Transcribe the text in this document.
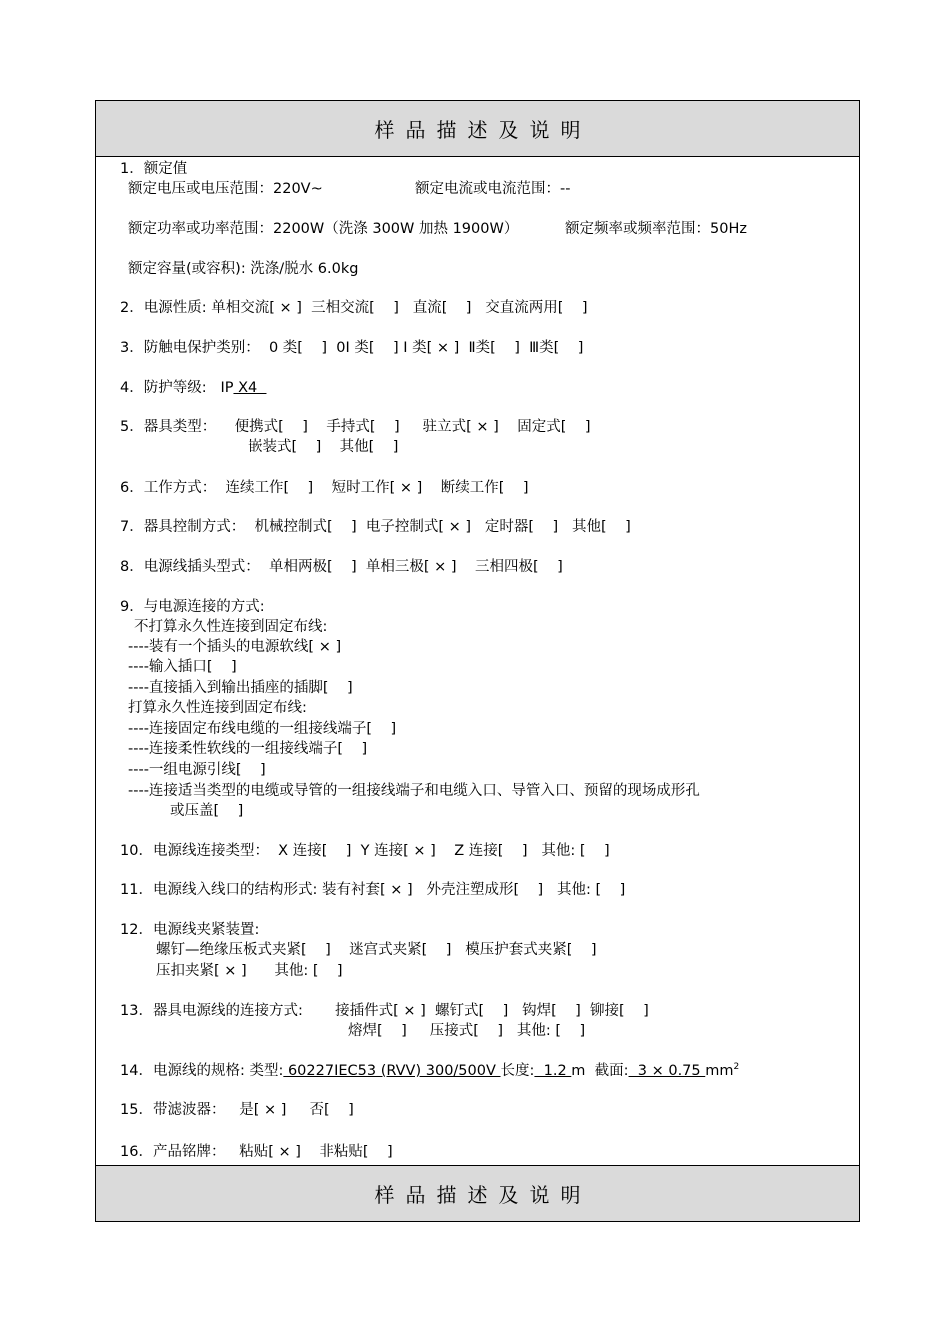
样品描述及说明
样品描述及说明
1．额定值
额定电压或电压范围：220V~	额定电流或电流范围：--
额定功率或功率范围：2200W（洗涤 300W 加热 1900W）	额定频率或频率范围：50Hz
额定容量(或容积): 洗涤/脱水 6.0kg
2．电源性质: 单相交流[ × ]  三相交流[    ]   直流[    ]   交直流两用[    ]
3．防触电保护类别：  0 类[    ]  0I 类[    ] I 类[ × ]  Ⅱ类[    ]  Ⅲ类[    ]
4．防护等级:   IP X4
5．器具类型：    便携式[    ]    手持式[    ]     驻立式[ × ]    固定式[    ]
嵌装式[    ]    其他[    ]
6．工作方式：  连续工作[    ]    短时工作[ × ]    断续工作[    ]
7．器具控制方式：  机械控制式[    ]  电子控制式[ × ]   定时器[    ]   其他[    ]
8．电源线插头型式：  单相两极[    ]  单相三极[ × ]    三相四极[    ]
9．与电源连接的方式:
不打算永久性连接到固定布线:
----装有一个插头的电源软线[ × ]
----输入插口[    ]
----直接插入到输出插座的插脚[    ]
打算永久性连接到固定布线:
----连接固定布线电缆的一组接线端子[    ]
----连接柔性软线的一组接线端子[    ]
----一组电源引线[    ]
----连接适当类型的电缆或导管的一组接线端子和电缆入口、导管入口、预留的现场成形孔
或压盖[    ]
10．电源线连接类型：  X 连接[    ]  Y 连接[ × ]    Z 连接[    ]   其他: [    ]
11．电源线入线口的结构形式: 装有衬套[ × ]   外壳注塑成形[    ]   其他: [    ]
12．电源线夹紧装置:
螺钉—绝缘压板式夹紧[    ]    迷宫式夹紧[    ]   模压护套式夹紧[    ]
压扣夹紧[ × ]      其他: [    ]
13．器具电源线的连接方式:       接插件式[ × ]  螺钉式[    ]   钩焊[    ]  铆接[    ]
熔焊[    ]     压接式[    ]   其他: [    ]
14．电源线的规格: 类型: 60227IEC53 (RVV) 300/500V 长度:  1.2 m  截面:  3 × 0.75 $mm^2$
15．带滤波器：   是[ × ]     否[    ]
16．产品铭牌：   粘贴[ × ]    非粘贴[    ]
